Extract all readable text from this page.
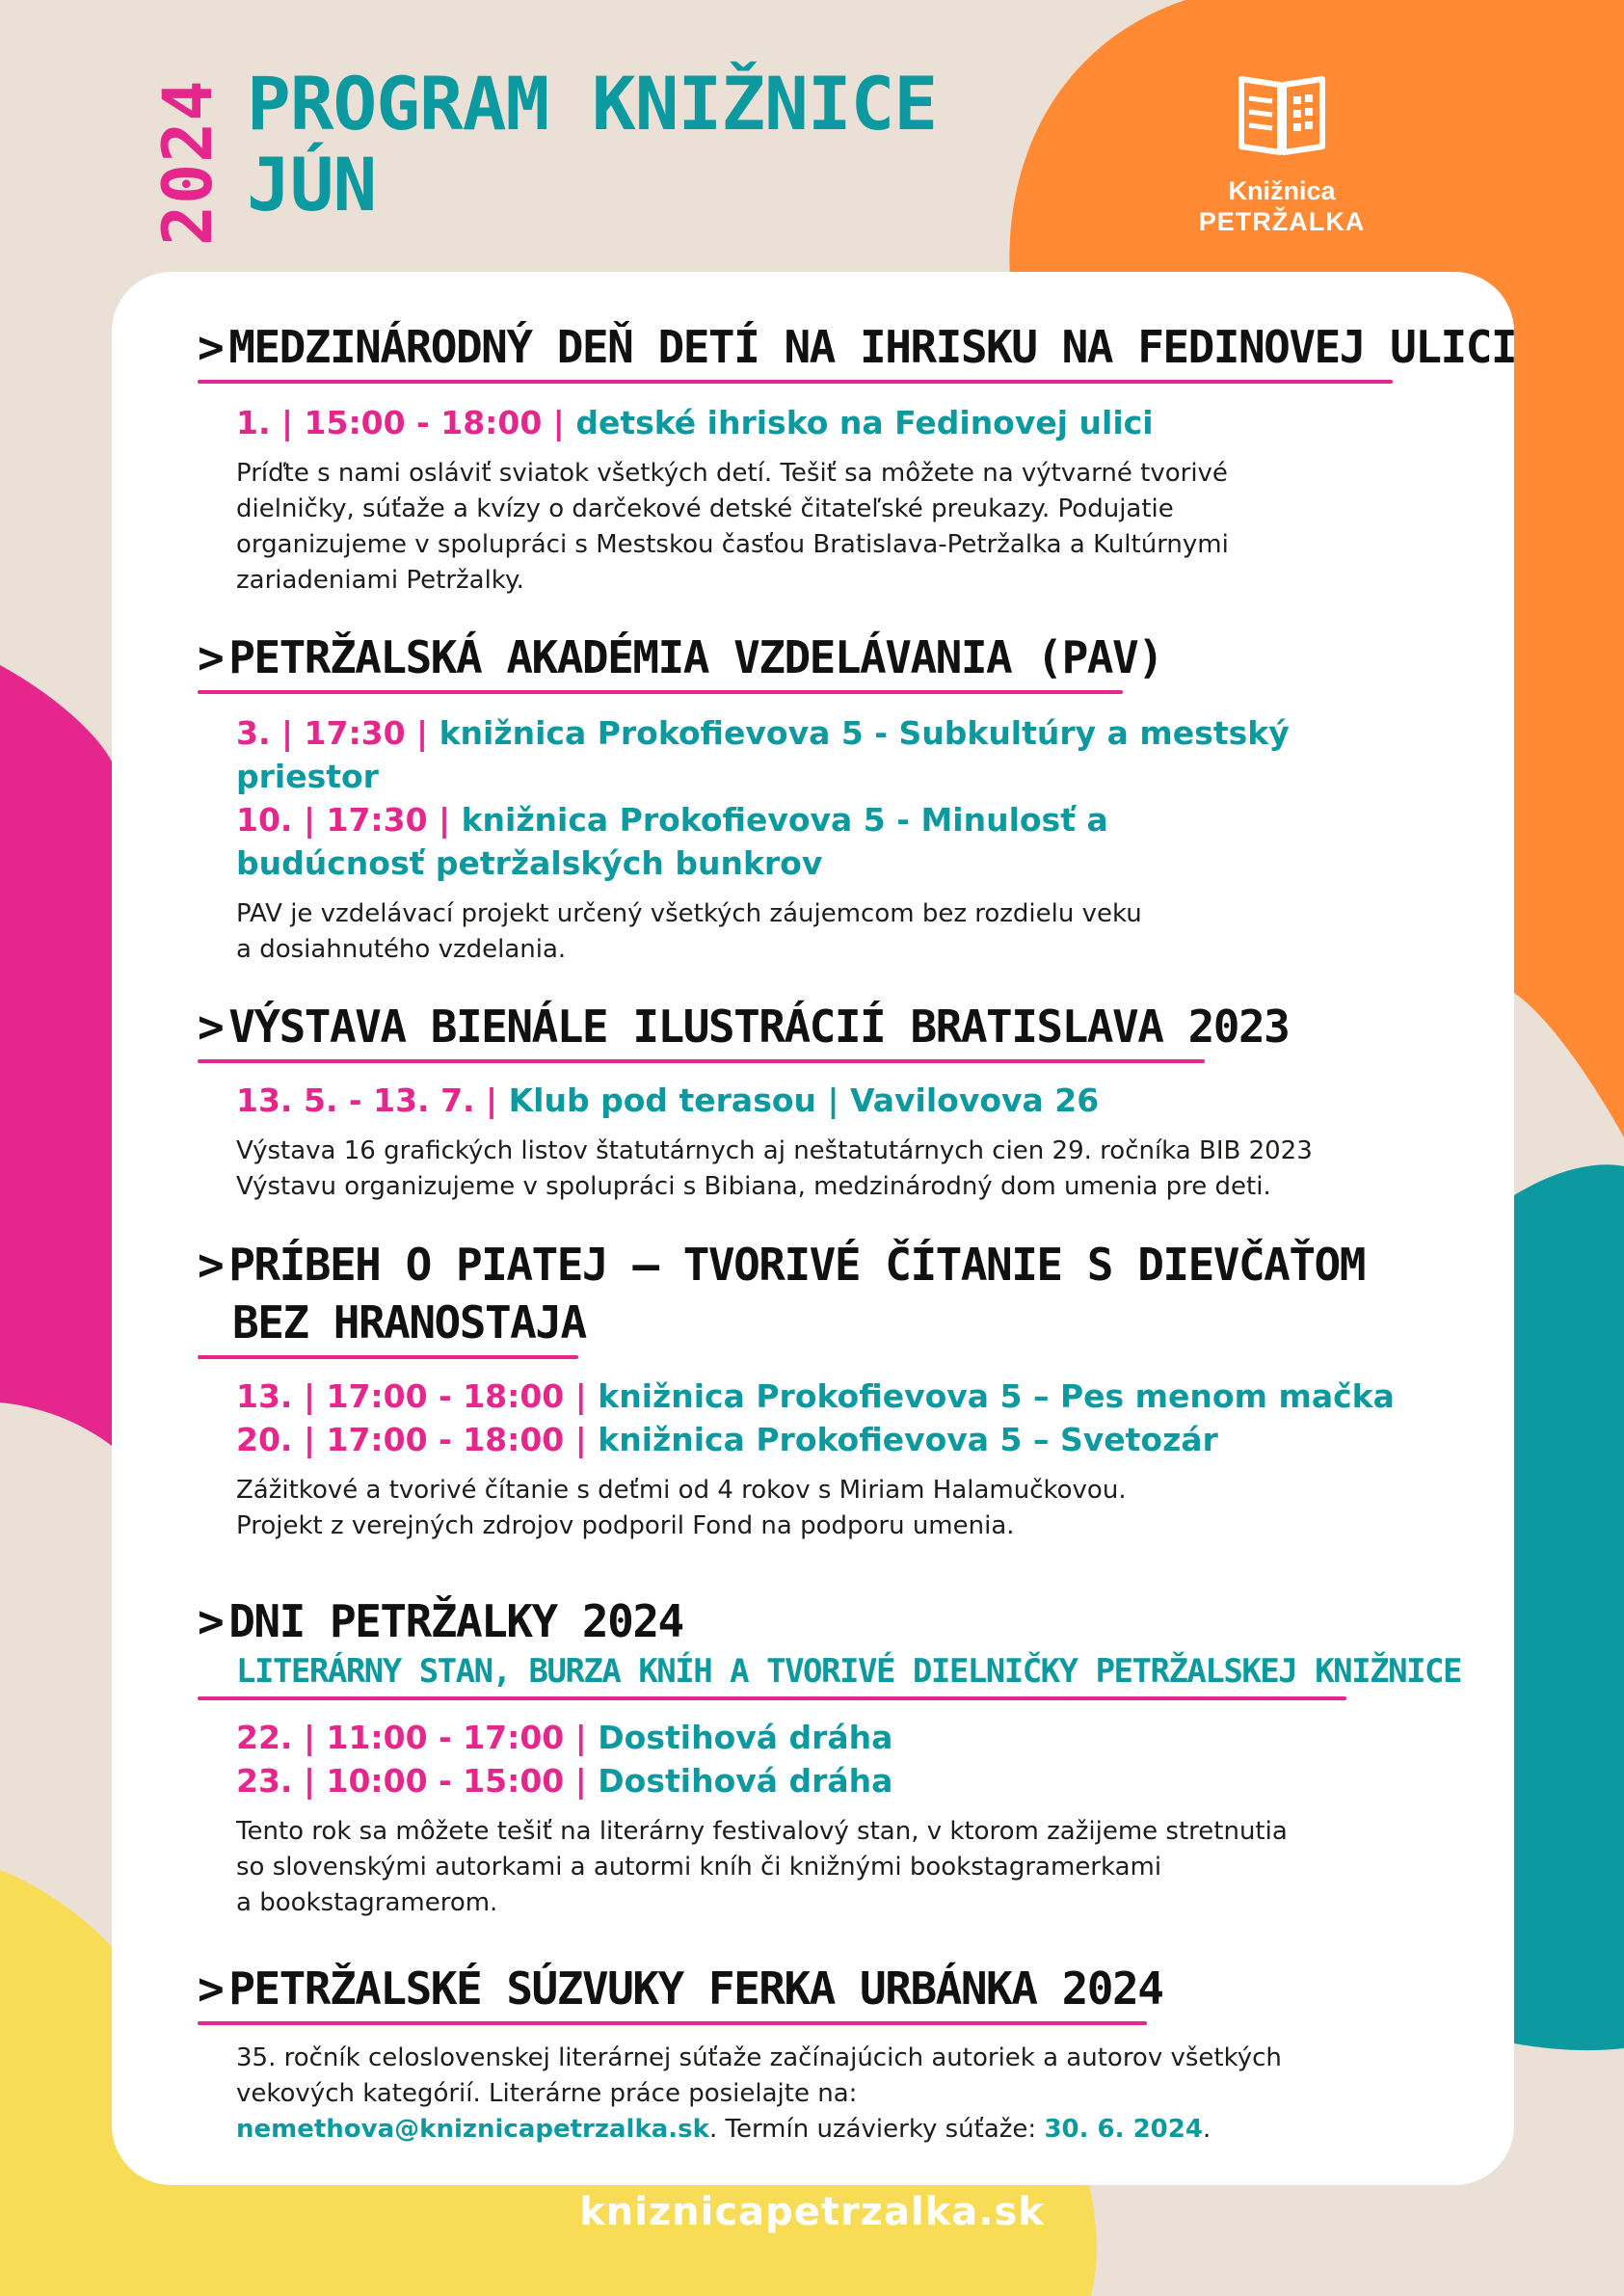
2024 PROGRAM KNIŽNICE
JÚN	Knižnica
PETRŽALKA
> MEDZINÁRODNÝ DEŇ DETÍ NA IHRISKU NA FEDINOVEJ ULICI
1. | 15:00 - 18:00 | detské ihrisko na Fedinovej ulici
Príďte s nami osláviť sviatok všetkých detí. Tešiť sa môžete na výtvarné tvorivé
dielničky, súťaže a kvízy o darčekové detské čitateľské preukazy. Podujatie
organizujeme v spolupráci s Mestskou časťou Bratislava-Petržalka a Kultúrnymi
zariadeniami Petržalky.
> PETRŽALSKÁ AKADÉMIA VZDELÁVANIA (PAV)
3. | 17:30 | knižnica Prokofievova 5 - Subkultúry a mestský priestor
10. | 17:30 | knižnica Prokofievova 5 - Minulosť a budúcnosť petržalských bunkrov
PAV je vzdelávací projekt určený všetkých záujemcom bez rozdielu veku
a dosiahnutého vzdelania.
> VÝSTAVA BIENÁLE ILUSTRÁCIÍ BRATISLAVA 2023
13. 5. - 13. 7. | Klub pod terasou | Vavilovova 26
Výstava 16 grafických listov štatutárnych aj neštatutárnych cien 29. ročníka BIB 2023
Výstavu organizujeme v spolupráci s Bibiana, medzinárodný dom umenia pre deti.
> PRÍBEH O PIATEJ – TVORIVÉ ČÍTANIE S DIEVČAŤOM
BEZ HRANOSTAJA
13. | 17:00 - 18:00 | knižnica Prokofievova 5 – Pes menom mačka
20. | 17:00 - 18:00 | knižnica Prokofievova 5 – Svetozár
Zážitkové a tvorivé čítanie s deťmi od 4 rokov s Miriam Halamučkovou.
Projekt z verejných zdrojov podporil Fond na podporu umenia.
> DNI PETRŽALKY 2024
LITERÁRNY STAN, BURZA KNÍH A TVORIVÉ DIELNIČKY PETRŽALSKEJ KNIŽNICE
22. | 11:00 - 17:00 | Dostihová dráha
23. | 10:00 - 15:00 | Dostihová dráha
Tento rok sa môžete tešiť na literárny festivalový stan, v ktorom zažijeme stretnutia
so slovenskými autorkami a autormi kníh či knižnými bookstagramerkami
a bookstagramerom.
> PETRŽALSKÉ SÚZVUKY FERKA URBÁNKA 2024
35. ročník celoslovenskej literárnej súťaže začínajúcich autoriek a autorov všetkých
vekových kategórií. Literárne práce posielajte na:
nemethova@kniznicapetrzalka.sk. Termín uzávierky súťaže: 30. 6. 2024.
kniznicapetrzalka.sk
